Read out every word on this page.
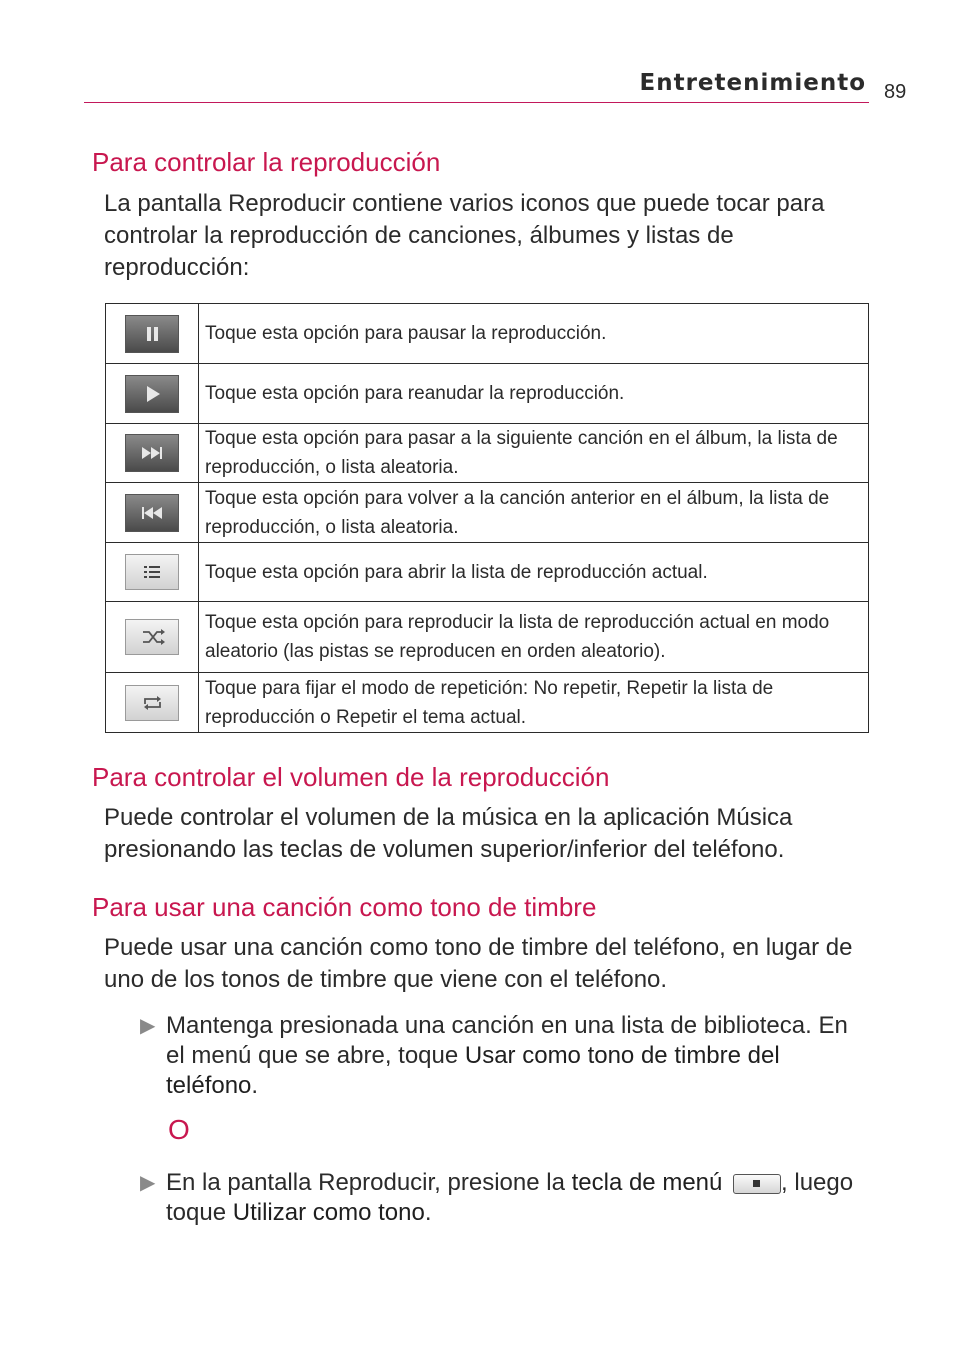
Entretenimiento 89
Para controlar la reproducción
La pantalla Reproducir contiene varios iconos que puede tocar para controlar la reproducción de canciones, álbumes y listas de reproducción:
	Toque esta opción para pausar la reproducción.

	Toque esta opción para reanudar la reproducción.

	Toque esta opción para pasar a la siguiente canción en el álbum, la lista de reproducción, o lista aleatoria.

	Toque esta opción para volver a la canción anterior en el álbum, la lista de reproducción, o lista aleatoria.

	Toque esta opción para abrir la lista de reproducción actual.

	Toque esta opción para reproducir la lista de reproducción actual en modo aleatorio (las pistas se reproducen en orden aleatorio).

	Toque para fijar el modo de repetición: No repetir, Repetir la lista de reproducción o Repetir el tema actual.
Para controlar el volumen de la reproducción
Puede controlar el volumen de la música en la aplicación Música presionando las teclas de volumen superior/inferior del teléfono.
Para usar una canción como tono de timbre
Puede usar una canción como tono de timbre del teléfono, en lugar de uno de los tonos de timbre que viene con el teléfono.
▶ Mantenga presionada una canción en una lista de biblioteca. En el menú que se abre, toque Usar como tono de timbre del teléfono.
O
▶ En la pantalla Reproducir, presione la tecla de menú , luego toque Utilizar como tono.
